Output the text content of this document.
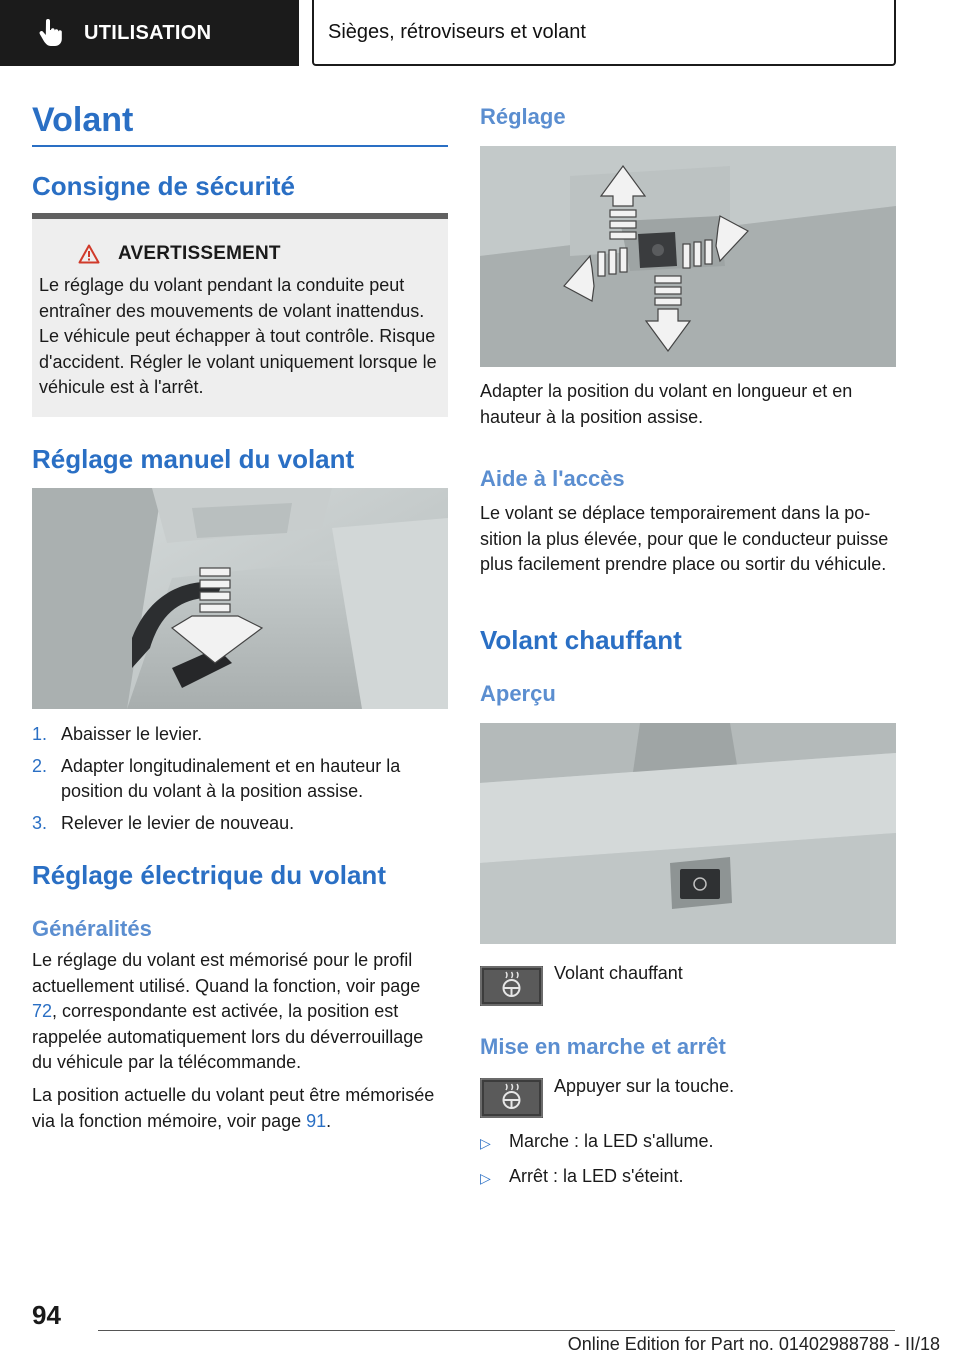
UTILISATION	Sièges, rétroviseurs et volant
Volant
Consigne de sécurité
AVERTISSEMENT
Le réglage du volant pendant la conduite peut entraîner des mouvements de volant inattendus. Le véhicule peut échapper à tout contrôle. Risque d'accident. Régler le volant uniquement lorsque le véhicule est à l'arrêt.
Réglage manuel du volant
1. Abaisser le levier.
2. Adapter longitudinalement et en hauteur la position du volant à la position assise.
3. Relever le levier de nouveau.
Réglage électrique du volant
Généralités
Le réglage du volant est mémorisé pour le profil actuellement utilisé. Quand la fonction, voir page 72, correspondante est activée, la position est rappelée automatiquement lors du déverrouillage du véhicule par la télécommande.
La position actuelle du volant peut être mémorisée via la fonction mémoire, voir page 91.
Réglage
Adapter la position du volant en longueur et en hauteur à la position assise.
Aide à l'accès
Le volant se déplace temporairement dans la position la plus élevée, pour que le conducteur puisse plus facilement prendre place ou sortir du véhicule.
Volant chauffant
Aperçu
Volant chauffant
Mise en marche et arrêt
Appuyer sur la touche.
▷	Marche : la LED s'allume.
▷	Arrêt : la LED s'éteint.
94
Online Edition for Part no. 01402988788 - II/18
